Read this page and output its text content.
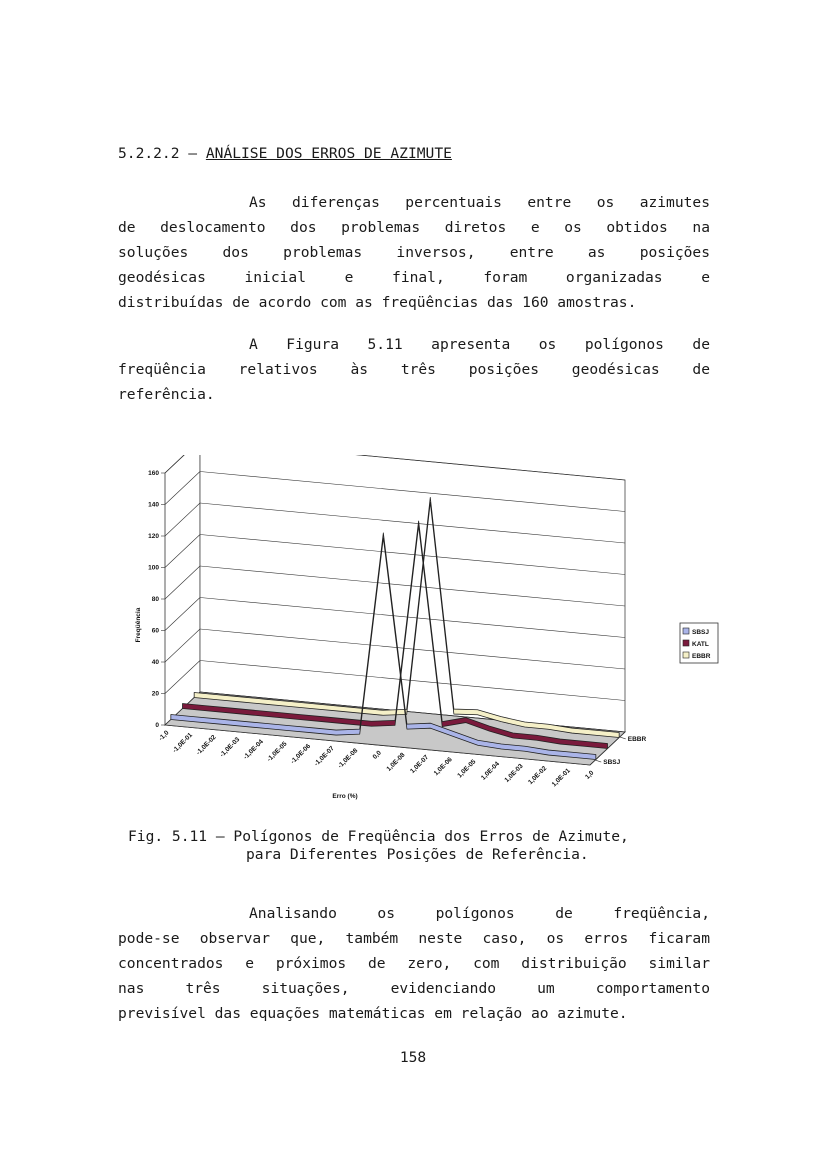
5.2.2.2 – ANÁLISE DOS ERROS DE AZIMUTE
As diferenças percentuais entre os azimutes
de deslocamento dos problemas diretos e os obtidos na
soluções dos problemas inversos, entre as posições
geodésicas inicial e final, foram organizadas e
distribuídas de acordo com as freqüências das 160 amostras.
A Figura 5.11 apresenta os polígonos de
freqüência relativos às três posições geodésicas de
referência.
0
20
40
60
80
100
120
140
160
-1,0 -1,0E-01 -1,0E-02 -1,0E-03 -1,0E-04 -1,0E-05 -1,0E-06 -1,0E-07 -1,0E-08 0,0 1,0E-08 1,0E-07 1,0E-06 1,0E-05 1,0E-04 1,0E-03 1,0E-02 1,0E-01 1,0
SBSJ
EBBR
Freqüência
Erro (%)
SBSJ
KATL
EBBR
Fig. 5.11 – Polígonos de Freqüência dos Erros de Azimute,
para Diferentes Posições de Referência.
Analisando os polígonos de freqüência,
pode-se observar que, também neste caso, os erros ficaram
concentrados e próximos de zero, com distribuição similar
nas três situações, evidenciando um comportamento
previsível das equações matemáticas em relação ao azimute.
158
